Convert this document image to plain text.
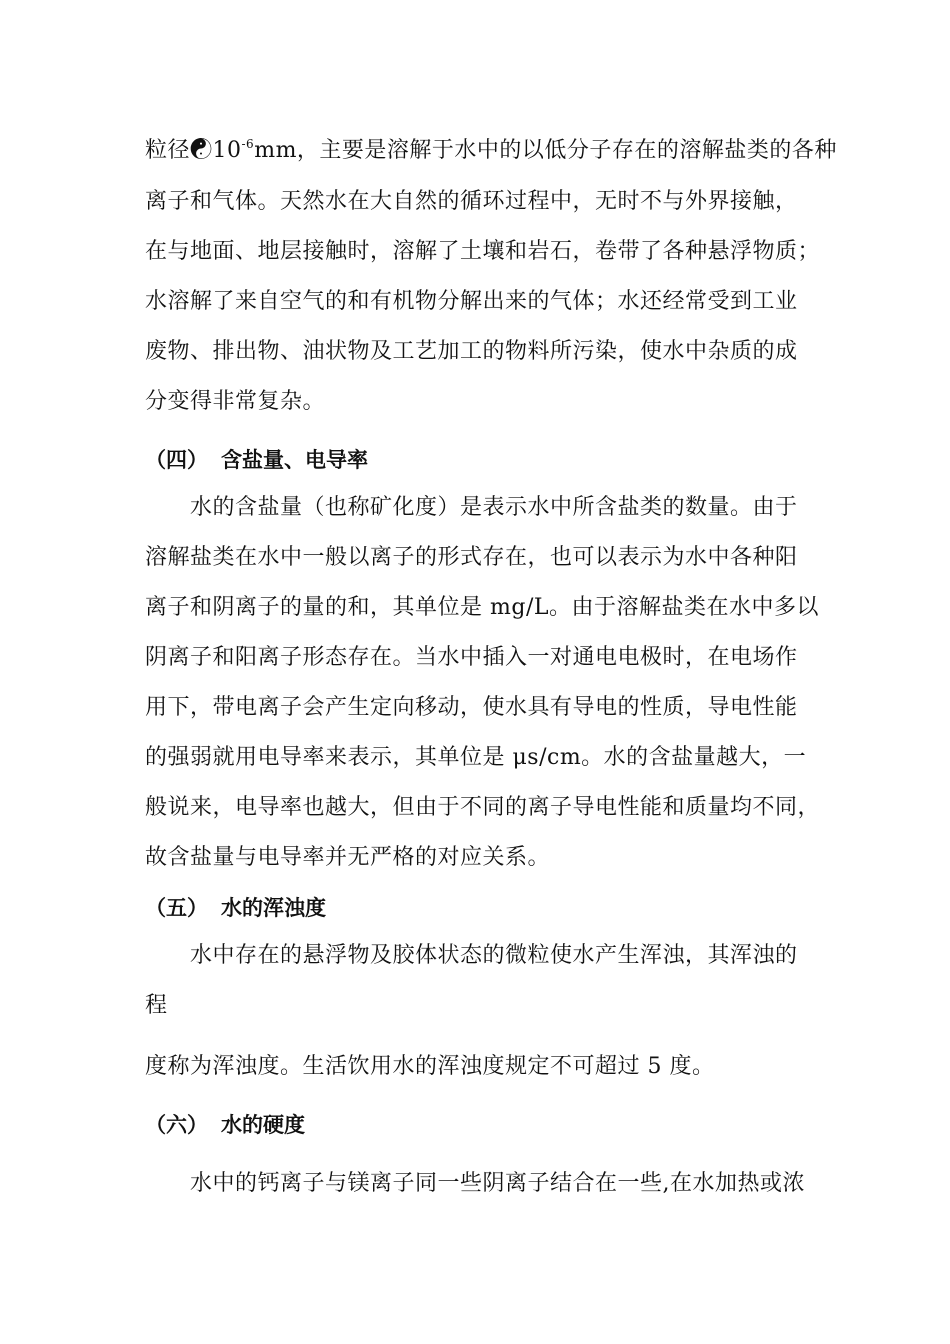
粒径$☯10^{-6}mm$，主要是溶解于水中的以低分子存在的溶解盐类的各种
离子和气体。天然水在大自然的循环过程中，无时不与外界接触，
在与地面、地层接触时，溶解了土壤和岩石，卷带了各种悬浮物质；
水溶解了来自空气的和有机物分解出来的气体；水还经常受到工业
废物、排出物、油状物及工艺加工的物料所污染，使水中杂质的成
分变得非常复杂。
（四） 含盐量、电导率
水的含盐量（也称矿化度）是表示水中所含盐类的数量。由于
溶解盐类在水中一般以离子的形式存在，也可以表示为水中各种阳
离子和阴离子的量的和，其单位是 mg/L。由于溶解盐类在水中多以
阴离子和阳离子形态存在。当水中插入一对通电电极时，在电场作
用下，带电离子会产生定向移动，使水具有导电的性质，导电性能
的强弱就用电导率来表示，其单位是 μs/cm。水的含盐量越大，一
般说来，电导率也越大，但由于不同的离子导电性能和质量均不同，
故含盐量与电导率并无严格的对应关系。
（五） 水的浑浊度
水中存在的悬浮物及胶体状态的微粒使水产生浑浊，其浑浊的
程
度称为浑浊度。生活饮用水的浑浊度规定不可超过 5 度。
（六） 水的硬度
水中的钙离子与镁离子同一些阴离子结合在一些,在水加热或浓
